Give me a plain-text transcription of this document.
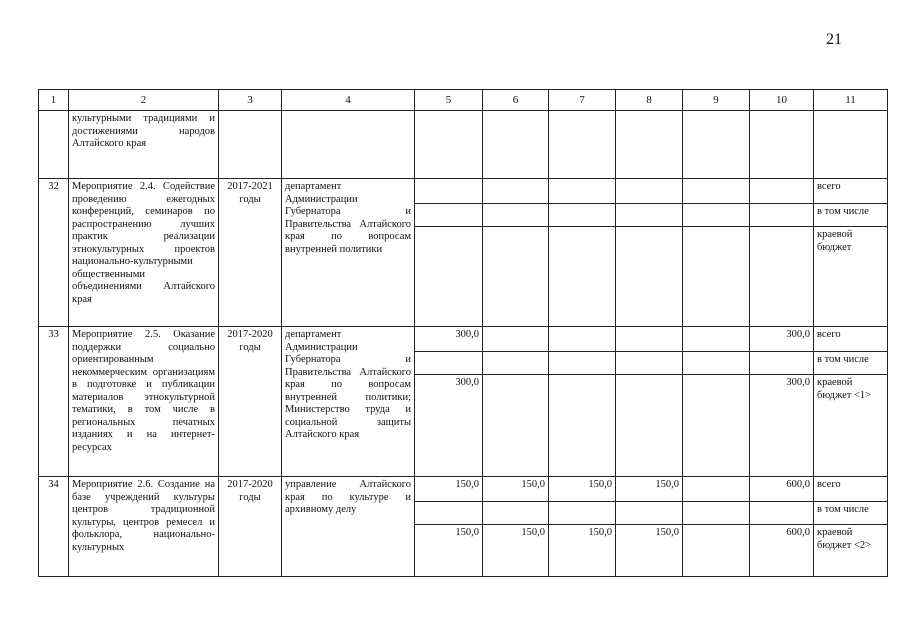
21
1	2	3	4	5	6	7	8	9	10	11
	культурными традициями и достижениями народов Алтайского края									
32	Мероприятие 2.4. Содействие проведению ежегодных конференций, семинаров по распространению лучших практик реализации этнокультурных проектов национально-культурными общественными объединениями Алтайского края	2017-2021 годы	департамент Администрации Губернатора и Правительства Алтайского края по вопросам внутренней политики							всего
										в том числе
										краевой бюджет
33	Мероприятие 2.5. Оказание поддержки социально ориентированным некоммерческим организациям в подготовке и публикации материалов этнокультурной тематики, в том числе в региональных печатных изданиях и на интернет-ресурсах	2017-2020 годы	департамент Администрации Губернатора и Правительства Алтайского края по вопросам внутренней политики; Министерство труда и социальной защиты Алтайского края	300,0					300,0	всего
										в том числе
				300,0					300,0	краевой бюджет <1>
34	Мероприятие 2.6. Создание на базе учреждений культуры центров традиционной культуры, центров ремесел и фольклора, национально-культурных	2017-2020 годы	управление Алтайского края по культуре и архивному делу	150,0	150,0	150,0	150,0		600,0	всего
										в том числе
				150,0	150,0	150,0	150,0		600,0	краевой бюджет <2>
